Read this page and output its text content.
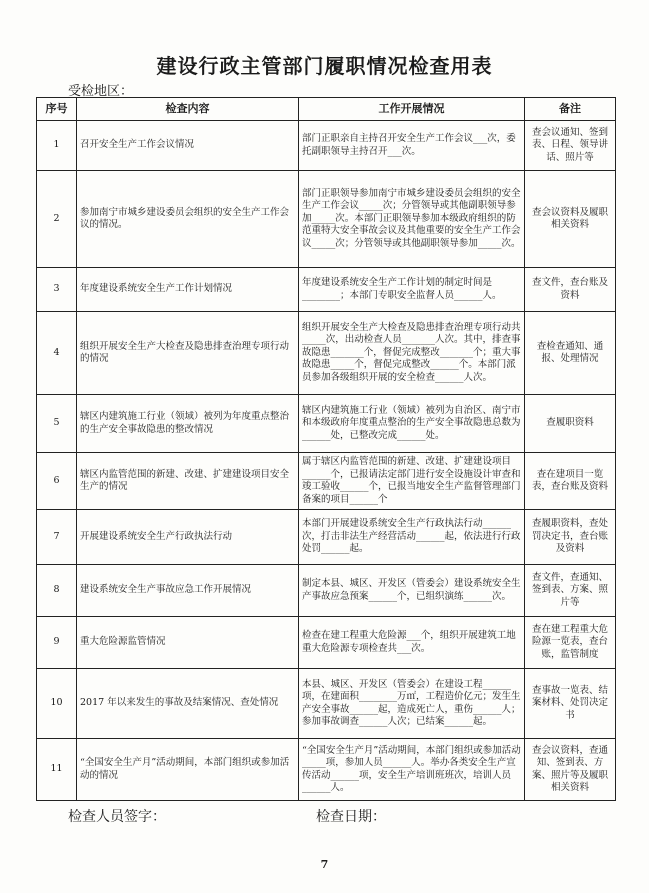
建设行政主管部门履职情况检查用表
受检地区：
序号	检查内容	工作开展情况	备注
1	召开安全生产工作会议情况	部门正职亲自主持召开安全生产工作会议___次，委托副职领导主持召开___次。	查会议通知、签到表、日程、领导讲话、照片等
2	参加南宁市城乡建设委员会组织的安全生产工作会议的情况。	部门正职领导参加南宁市城乡建设委员会组织的安全生产工作会议_____次；分管领导或其他副职领导参加_____次。本部门正职领导参加本级政府组织的防范重特大安全事故会议及其他重要的安全生产工作会议_____次；分管领导或其他副职领导参加_____次。	查会议资料及履职相关资料
3	年度建设系统安全生产工作计划情况	年度建设系统安全生产工作计划的制定时间是________；本部门专职安全监督人员______人。	查文件，查台账及资料
4	组织开展安全生产大检查及隐患排查治理专项行动的情况	组织开展安全生产大检查及隐患排查治理专项行动共_____次，出动检查人员_______人次。其中，排查事故隐患_______个，督促完成整改_______个；重大事故隐患_____个，督促完成整改______个。本部门派员参加各级组织开展的安全检查______人次。	查检查通知、通报、处理情况
5	辖区内建筑施工行业（领域）被列为年度重点整治的生产安全事故隐患的整改情况	辖区内建筑施工行业（领域）被列为自治区、南宁市和本级政府年度重点整治的生产安全事故隐患总数为______处，已整改完成______处。	查履职资料
6	辖区内监管范围的新建、改建、扩建建设项目安全生产的情况	属于辖区内监管范围的新建、改建、扩建建设项目______个，已报请法定部门进行安全设施设计审查和竣工验收______个，已报当地安全生产监督管理部门备案的项目______个	查在建项目一览表，查台账及资料
7	开展建设系统安全生产行政执法行动	本部门开展建设系统安全生产行政执法行动______次，打击非法生产经营活动______起，依法进行行政处罚______起。	查履职资料，查处罚决定书，查台账及资料
8	建设系统安全生产事故应急工作开展情况	制定本县、城区、开发区（管委会）建设系统安全生产事故应急预案______个，已组织演练______次。	查文件，查通知、签到表、方案、照片等
9	重大危险源监管情况	检查在建工程重大危险源___个，组织开展建筑工地重大危险源专项检查共___次。	查在建工程重大危险源一览表，查台账，监管制度
10	2017 年以来发生的事故及结案情况、查处情况	本县、城区、开发区（管委会）在建设工程______项，在建面积________万㎡，工程造价亿元；发生生产安全事故______起，造成死亡人，重伤______人；参加事故调查______人次；已结案______起。	查事故一览表、结案材料、处罚决定书
11	“全国安全生产月”活动期间，本部门组织或参加活动的情况	“全国安全生产月”活动期间，本部门组织或参加活动_____项，参加人员______人。举办各类安全生产宣传活动______项，安全生产培训班班次，培训人员______人。	查会议资料，查通知、签到表、方案、照片等及履职相关资料
检查人员签字：	检查日期：
7
